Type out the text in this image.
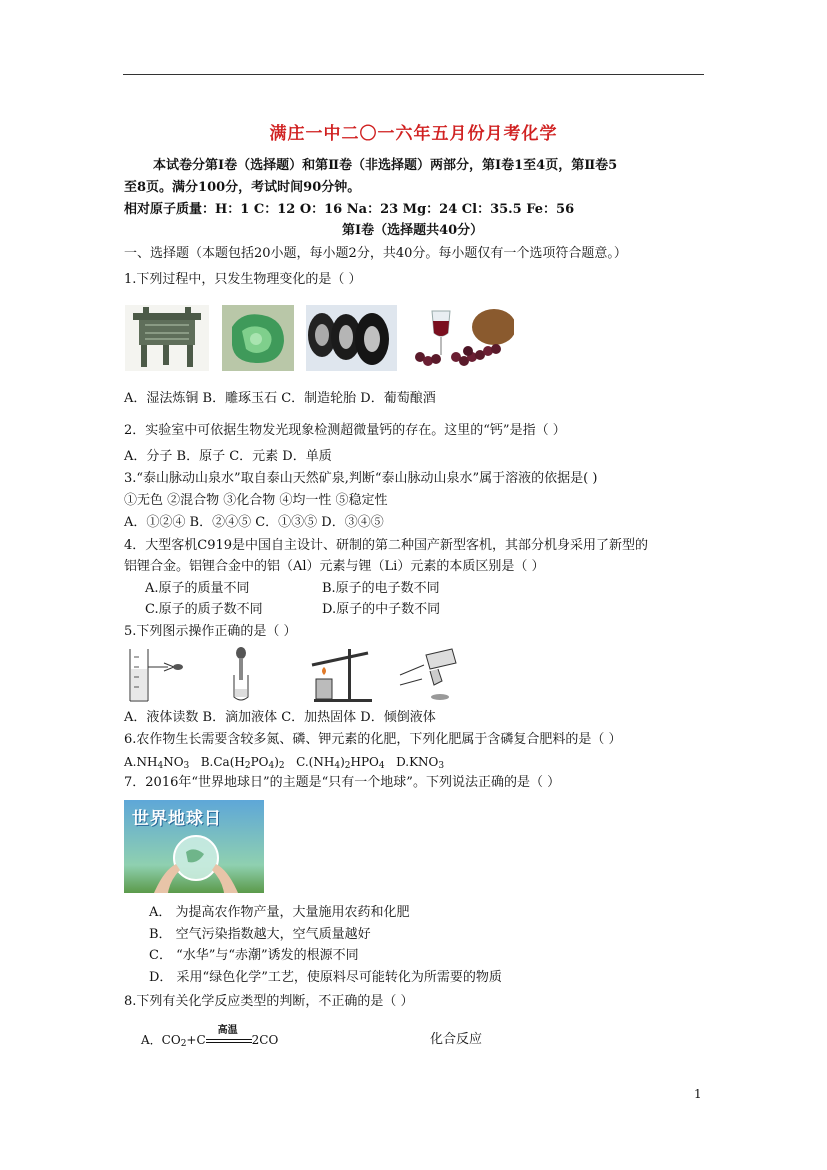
满庄一中二〇一六年五月份月考化学
本试卷分第Ⅰ卷（选择题）和第Ⅱ卷（非选择题）两部分，第Ⅰ卷1至4页，第Ⅱ卷5
至8页。满分100分，考试时间90分钟。
相对原子质量：H：1 C：12 O：16 Na：23 Mg：24 Cl：35.5 Fe：56
第Ⅰ卷（选择题共40分）
一、选择题（本题包括20小题，每小题2分，共40分。每小题仅有一个选项符合题意。）
1.下列过程中，只发生物理变化的是（ ）
A．湿法炼铜 B．雕琢玉石 C．制造轮胎 D．葡萄酿酒
2．实验室中可依据生物发光现象检测超微量钙的存在。这里的“钙”是指（ ）
A．分子 B．原子 C．元素 D．单质
3.“泰山脉动山泉水”取自泰山天然矿泉,判断“泰山脉动山泉水”属于溶液的依据是( )
①无色 ②混合物 ③化合物 ④均一性 ⑤稳定性
A．①②④ B．②④⑤ C．①③⑤ D．③④⑤
4．大型客机C919是中国自主设计、研制的第二种国产新型客机，其部分机身采用了新型的
铝锂合金。铝锂合金中的铝（Al）元素与锂（Li）元素的本质区别是（ ）
A.原子的质量不同	B.原子的电子数不同
C.原子的质子数不同	D.原子的中子数不同
5.下列图示操作正确的是（ ）
A．液体读数 B．滴加液体 C．加热固体 D．倾倒液体
6.农作物生长需要含较多氮、磷、钾元素的化肥，下列化肥属于含磷复合肥料的是（ ）
$A.NH_4NO_3$ $B.Ca(H_2PO_4)_2$ $C.(NH_4)_2HPO_4$ $D.KNO_3$
7．2016年“世界地球日”的主题是“只有一个地球”。下列说法正确的是（ ）
世界地球日
A． 为提高农作物产量，大量施用农药和化肥
B． 空气污染指数越大，空气质量越好
C． “水华”与“赤潮”诱发的根源不同
D． 采用“绿色化学”工艺，使原料尽可能转化为所需要的物质
8.下列有关化学反应类型的判断，不正确的是（ ）
A．$CO_2+C$
高温
2CO	化合反应
1
